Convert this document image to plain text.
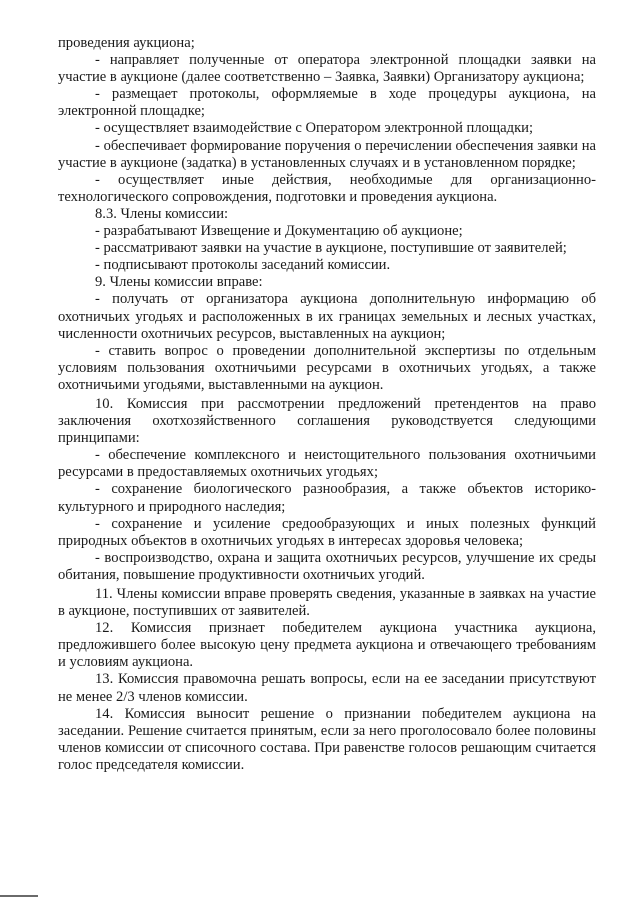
проведения аукциона;

- направляет полученные от оператора электронной площадки заявки на участие в аукционе (далее соответственно – Заявка, Заявки) Организатору аукциона;

- размещает протоколы, оформляемые в ходе процедуры аукциона, на электронной площадке;

- осуществляет взаимодействие с Оператором электронной площадки;

- обеспечивает формирование поручения о перечислении обеспечения заявки на участие в аукционе (задатка) в установленных случаях и в установленном порядке;

- осуществляет иные действия, необходимые для организационно-технологического сопровождения, подготовки и проведения аукциона.

8.3. Члены комиссии:

- разрабатывают Извещение и Документацию об аукционе;

- рассматривают заявки на участие в аукционе, поступившие от заявителей;

- подписывают протоколы заседаний комиссии.

9. Члены комиссии вправе:

- получать от организатора аукциона дополнительную информацию об охотничьих угодьях и расположенных в их границах земельных и лесных участках, численности охотничьих ресурсов, выставленных на аукцион;

- ставить вопрос о проведении дополнительной экспертизы по отдельным условиям пользования охотничьими ресурсами в охотничьих угодьях, а также охотничьими угодьями, выставленными на аукцион.

10. Комиссия при рассмотрении предложений претендентов на право заключения охотхозяйственного соглашения руководствуется следующими принципами:

- обеспечение комплексного и неистощительного пользования охотничьими ресурсами в предоставляемых охотничьих угодьях;

- сохранение биологического разнообразия, а также объектов историко-культурного и природного наследия;

- сохранение и усиление средообразующих и иных полезных функций природных объектов в охотничьих угодьях в интересах здоровья человека;

- воспроизводство, охрана и защита охотничьих ресурсов, улучшение их среды обитания, повышение продуктивности охотничьих угодий.

11. Члены комиссии вправе проверять сведения, указанные в заявках на участие в аукционе, поступивших от заявителей.

12. Комиссия признает победителем аукциона участника аукциона, предложившего более высокую цену предмета аукциона и отвечающего требованиям и условиям аукциона.

13. Комиссия правомочна решать вопросы, если на ее заседании присутствуют не менее 2/3 членов комиссии.

14. Комиссия выносит решение о признании победителем аукциона на заседании. Решение считается принятым, если за него проголосовало более половины членов комиссии от списочного состава. При равенстве голосов решающим считается голос председателя комиссии.
